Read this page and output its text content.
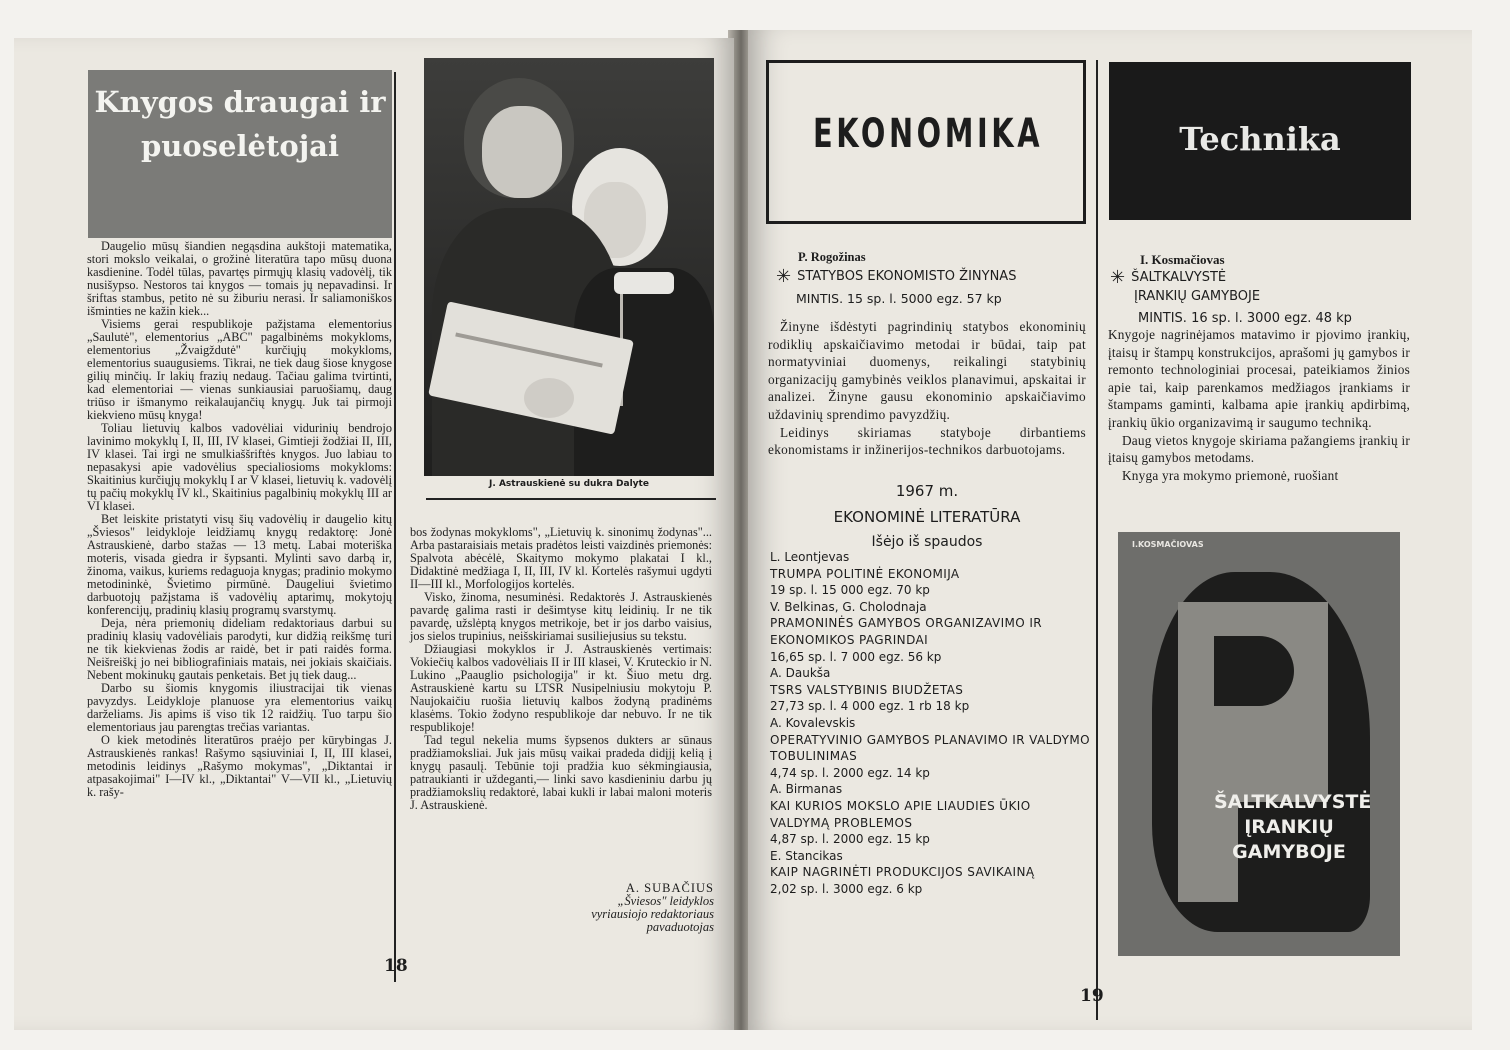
Knygos draugai ir puoselėtojai
J. Astrauskienė su dukra Dalyte

Daugelio mūsų šiandien negąsdina aukštoji matematika, stori mokslo veikalai, o grožinė literatūra tapo mūsų duona kasdienine. Todėl tūlas, pavartęs pirmųjų klasių vadovėlį, tik nusišypso. Nestoros tai knygos — tomais jų nepavadinsi. Ir šriftas stambus, petito nė su žiburiu nerasi. Ir saliamoniškos išminties ne kažin kiek...

Visiems gerai respublikoje pažįstama elementorius „Saulutė", elementorius „ABC" pagalbinėms mokykloms, elementorius „Žvaigždutė" kurčiųjų mokykloms, elementorius suaugusiems. Tikrai, ne tiek daug šiose knygose gilių minčių. Ir lakių frazių nedaug. Tačiau galima tvirtinti, kad elementoriai — vienas sunkiausiai paruošiamų, daug triūso ir išmanymo reikalaujančių knygų. Juk tai pirmoji kiekvieno mūsų knyga!

Toliau lietuvių kalbos vadovėliai vidurinių bendrojo lavinimo mokyklų I, II, III, IV klasei, Gimtieji žodžiai II, III, IV klasei. Tai irgi ne smulkiaššriftės knygos. Juo labiau to nepasakysi apie vadovėlius specialiosioms mokykloms: Skaitinius kurčiųjų mokyklų I ar V klasei, lietuvių k. vadovėlį tų pačių mokyklų IV kl., Skaitinius pagalbinių mokyklų III ar VI klasei.

Bet leiskite pristatyti visų šių vadovėlių ir daugelio kitų „Šviesos" leidykloje leidžiamų knygų redaktorę: Jonė Astrauskienė, darbo stažas — 13 metų. Labai moteriška moteris, visada giedra ir šypsanti. Mylinti savo darbą ir, žinoma, vaikus, kuriems redaguoja knygas; pradinio mokymo metodininkė, Švietimo pirmūnė. Daugeliui švietimo darbuotojų pažįstama iš vadovėlių aptarimų, mokytojų konferencijų, pradinių klasių programų svarstymų.

Deja, nėra priemonių dideliam redaktoriaus darbui su pradinių klasių vadovėliais parodyti, kur didžią reikšmę turi ne tik kiekvienas žodis ar raidė, bet ir pati raidės forma. Neišreiškį jo nei bibliografiniais matais, nei jokiais skaičiais. Nebent mokinukų gautais penketais. Bet jų tiek daug...

Darbo su šiomis knygomis iliustracijai tik vienas pavyzdys. Leidykloje planuose yra elementorius vaikų darželiams. Jis apims iš viso tik 12 raidžių. Tuo tarpu šio elementoriaus jau parengtas trečias variantas.

O kiek metodinės literatūros praėjo per kūrybingas J. Astrauskienės rankas! Rašymo sąsiuviniai I, II, III klasei, metodinis leidinys „Rašymo mokymas", „Diktantai ir atpasakojimai" I—IV kl., „Diktantai" V—VII kl., „Lietuvių k. rašy-

bos žodynas mokykloms", „Lietuvių k. sinonimų žodynas"... Arba pastaraisiais metais pradėtos leisti vaizdinės priemonės: Spalvota abėcėlė, Skaitymo mokymo plakatai I kl., Didaktinė medžiaga I, II, III, IV kl. Kortelės rašymui ugdyti II—III kl., Morfologijos kortelės.

Visko, žinoma, nesuminėsi. Redaktorės J. Astrauskienės pavardę galima rasti ir dešimtyse kitų leidinių. Ir ne tik pavardę, užslėptą knygos metrikoje, bet ir jos darbo vaisius, jos sielos trupinius, neišskiriamai susiliejusius su tekstu.

Džiaugiasi mokyklos ir J. Astrauskienės vertimais: Vokiečių kalbos vadovėliais II ir III klasei, V. Kruteckio ir N. Lukino „Paauglio psichologija" ir kt. Šiuo metu drg. Astrauskienė kartu su LTSR Nusipelniusiu mokytoju P. Naujokaičiu ruošia lietuvių kalbos žodyną pradinėms klasėms. Tokio žodyno respublikoje dar nebuvo. Ir ne tik respublikoje!

Tad tegul nekelia mums šypsenos dukters ar sūnaus pradžiamoksliai. Juk jais mūsų vaikai pradeda didįjį kelią į knygų pasaulį. Tebūnie toji pradžia kuo sėkmingiausia, patraukianti ir uždeganti,— linki savo kasdieniniu darbu jų pradžiamokslių redaktorė, labai kukli ir labai maloni moteris J. Astrauskienė.

A. SUBAČIUS
„Šviesos" leidyklos
vyriausiojo redaktoriaus
pavaduotojas
18
EKONOMIKA	Technika
P. Rogožinas
✳ STATYBOS EKONOMISTO ŽINYNAS
MINTIS. 15 sp. l. 5000 egz. 57 kp

Žinyne išdėstyti pagrindinių statybos ekonominių rodiklių apskaičiavimo metodai ir būdai, taip pat normatyviniai duomenys, reikalingi statybinių organizacijų gamybinės veiklos planavimui, apskaitai ir analizei. Žinyne gausu ekonominio apskaičiavimo uždavinių sprendimo pavyzdžių.

Leidinys skiriamas statyboje dirbantiems ekonomistams ir inžinerijos-technikos darbuotojams.

1967 m.
EKONOMINĖ LITERATŪRA
Išėjo iš spaudos
L. Leontjevas
TRUMPA POLITINĖ EKONOMIJA
19 sp. l. 15 000 egz. 70 kp
V. Belkinas, G. Cholodnaja
PRAMONINĖS GAMYBOS ORGANIZAVIMO IR EKONOMIKOS PAGRINDAI
16,65 sp. l. 7 000 egz. 56 kp
A. Daukša
TSRS VALSTYBINIS BIUDŽETAS
27,73 sp. l. 4 000 egz. 1 rb 18 kp
A. Kovalevskis
OPERATYVINIO GAMYBOS PLANAVIMO IR VALDYMO TOBULINIMAS
4,74 sp. l. 2000 egz. 14 kp
A. Birmanas
KAI KURIOS MOKSLO APIE LIAUDIES ŪKIO VALDYMĄ PROBLEMOS
4,87 sp. l. 2000 egz. 15 kp
E. Stancikas
KAIP NAGRINĖTI PRODUKCIJOS SAVIKAINĄ
2,02 sp. l. 3000 egz. 6 kp
I. Kosmačiovas
✳ ŠALTKALVYSTĖ
ĮRANKIŲ GAMYBOJE
MINTIS. 16 sp. l. 3000 egz. 48 kp

Knygoje nagrinėjamos matavimo ir pjovimo įrankių, įtaisų ir štampų konstrukcijos, aprašomi jų gamybos ir remonto technologiniai procesai, pateikiamos žinios apie tai, kaip parenkamos medžiagos įrankiams ir štampams gaminti, kalbama apie įrankių apdirbimą, įrankių ūkio organizavimą ir saugumo techniką.

Daug vietos knygoje skiriama pažangiems įrankių ir įtaisų gamybos metodams.

Knyga yra mokymo priemonė, ruošiant

I.KOSMAČIOVAS
ŠALTKALVYSTĖ
ĮRANKIŲ
GAMYBOJE
19
